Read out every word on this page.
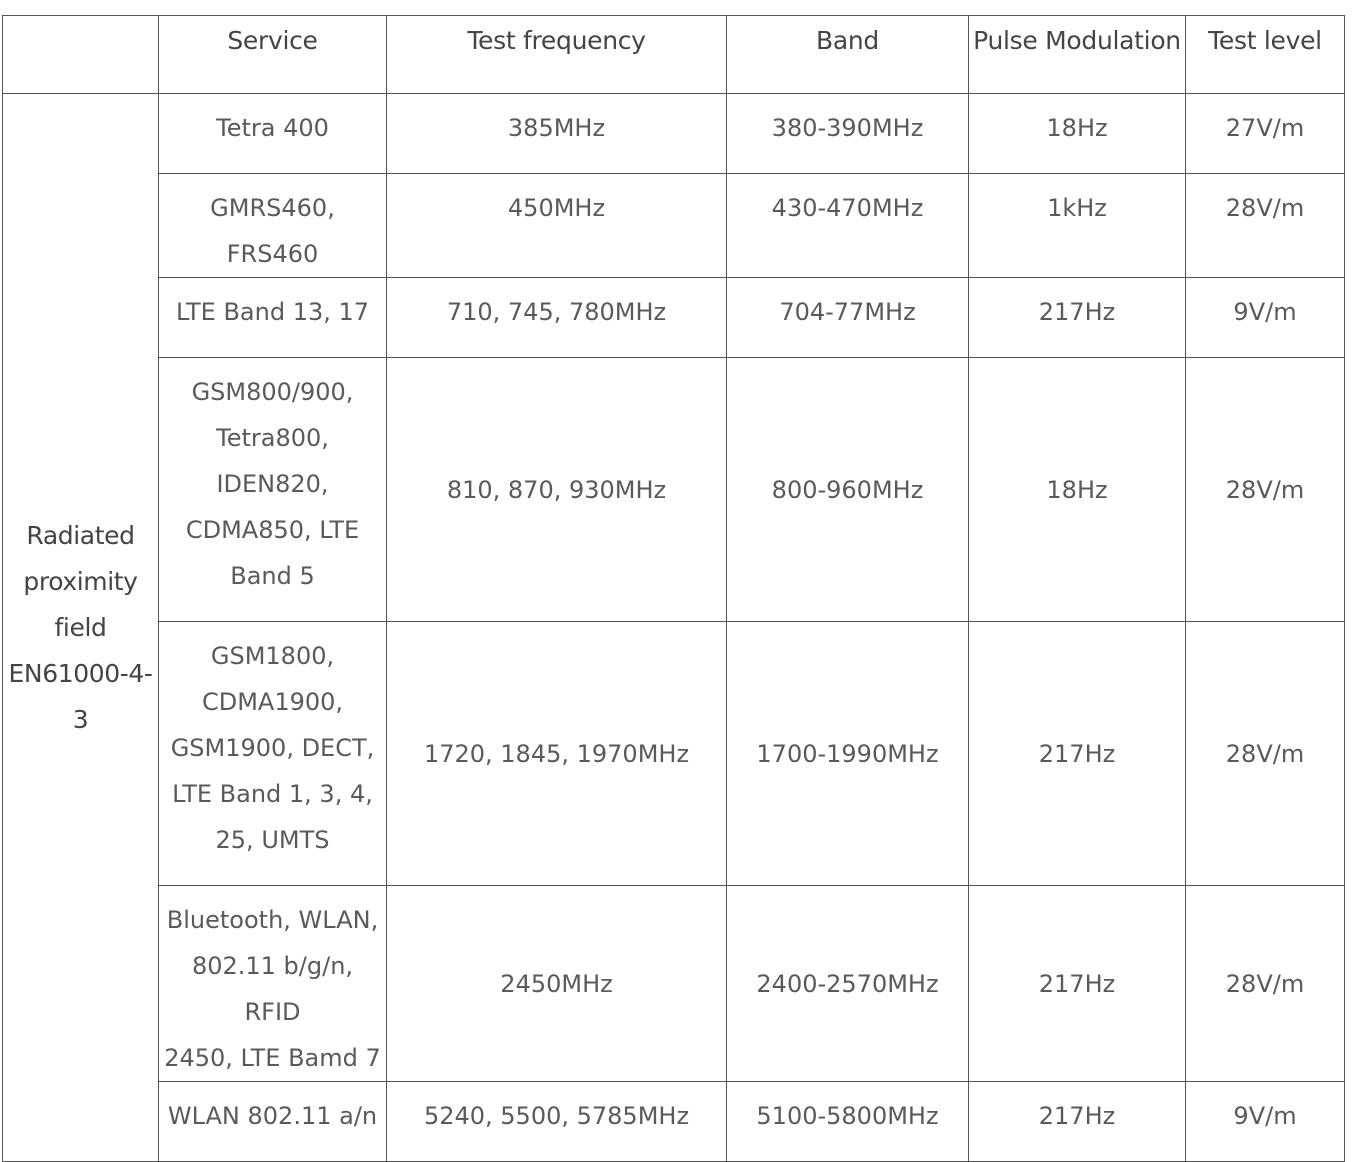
	Service	Test frequency	Band	Pulse Modulation	Test level

Radiated
proximity
field
EN61000-4-3	Tetra 400	385MHz	380-390MHz	18Hz	27V/m

	GMRS460, FRS460	450MHz	430-470MHz	1kHz	28V/m

	LTE Band 13, 17	710, 745, 780MHz	704-77MHz	217Hz	9V/m

	GSM800/900,
Tetra800,
IDEN820,
CDMA850, LTE
Band 5	810, 870, 930MHz	800-960MHz	18Hz	28V/m

	GSM1800,
CDMA1900,
GSM1900, DECT,
LTE Band 1, 3, 4,
25, UMTS	1720, 1845, 1970MHz	1700-1990MHz	217Hz	28V/m

	Bluetooth, WLAN,
802.11 b/g/n, RFID
2450, LTE Bamd 7	2450MHz	2400-2570MHz	217Hz	28V/m

	WLAN 802.11 a/n	5240, 5500, 5785MHz	5100-5800MHz	217Hz	9V/m
